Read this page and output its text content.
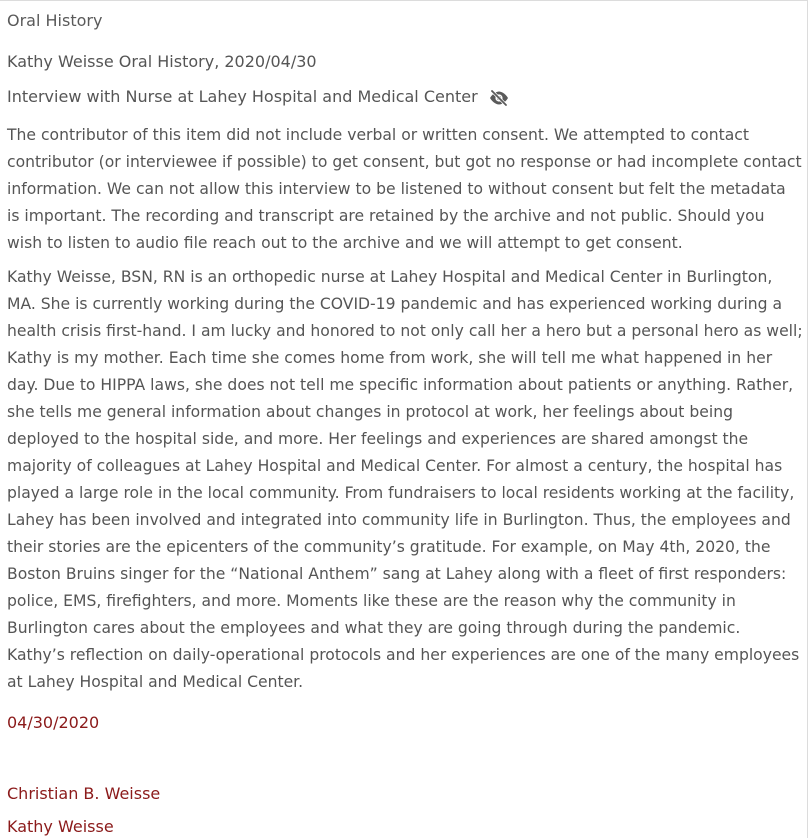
Oral History
Kathy Weisse Oral History, 2020/04/30
Interview with Nurse at Lahey Hospital and Medical Center

The contributor of this item did not include verbal or written consent. We attempted to contact contributor (or interviewee if possible) to get consent, but got no response or had incomplete contact information. We can not allow this interview to be listened to without consent but felt the metadata is important. The recording and transcript are retained by the archive and not public. Should you wish to listen to audio file reach out to the archive and we will attempt to get consent.

Kathy Weisse, BSN, RN is an orthopedic nurse at Lahey Hospital and Medical Center in Burlington, MA. She is currently working during the COVID-19 pandemic and has experienced working during a health crisis first-hand. I am lucky and honored to not only call her a hero but a personal hero as well; Kathy is my mother. Each time she comes home from work, she will tell me what happened in her day. Due to HIPPA laws, she does not tell me specific information about patients or anything. Rather, she tells me general information about changes in protocol at work, her feelings about being deployed to the hospital side, and more. Her feelings and experiences are shared amongst the majority of colleagues at Lahey Hospital and Medical Center. For almost a century, the hospital has played a large role in the local community. From fundraisers to local residents working at the facility, Lahey has been involved and integrated into community life in Burlington. Thus, the employees and their stories are the epicenters of the community’s gratitude. For example, on May 4th, 2020, the Boston Bruins singer for the “National Anthem” sang at Lahey along with a fleet of first responders: police, EMS, firefighters, and more. Moments like these are the reason why the community in Burlington cares about the employees and what they are going through during the pandemic. Kathy’s reflection on daily-operational protocols and her experiences are one of the many employees at Lahey Hospital and Medical Center.

04/30/2020
Christian B. Weisse
Kathy Weisse
